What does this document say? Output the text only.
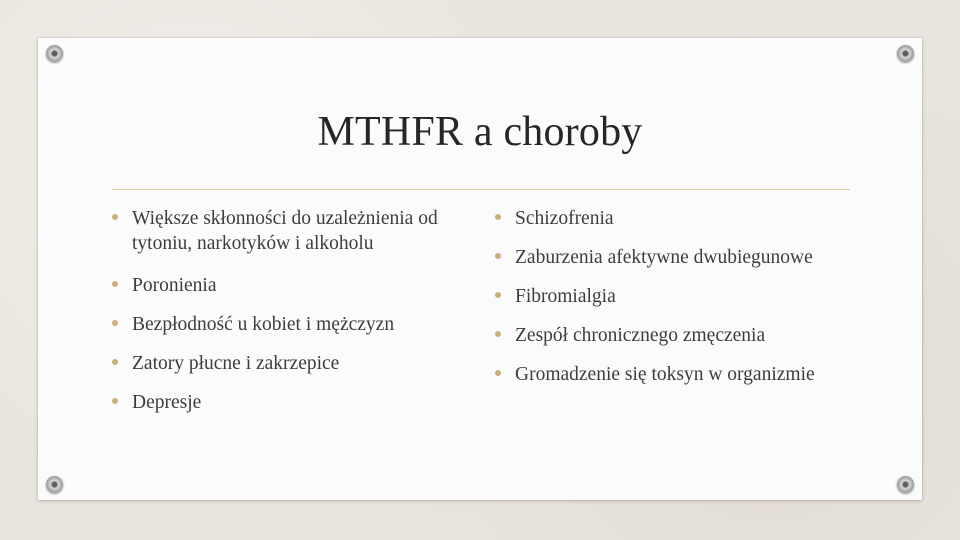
MTHFR a choroby
Większe skłonności do uzależnienia od tytoniu, narkotyków i alkoholu
Poronienia
Bezpłodność u kobiet i mężczyzn
Zatory płucne i zakrzepice
Depresje
Schizofrenia
Zaburzenia afektywne dwubiegunowe
Fibromialgia
Zespół chronicznego zmęczenia
Gromadzenie się toksyn w organizmie
